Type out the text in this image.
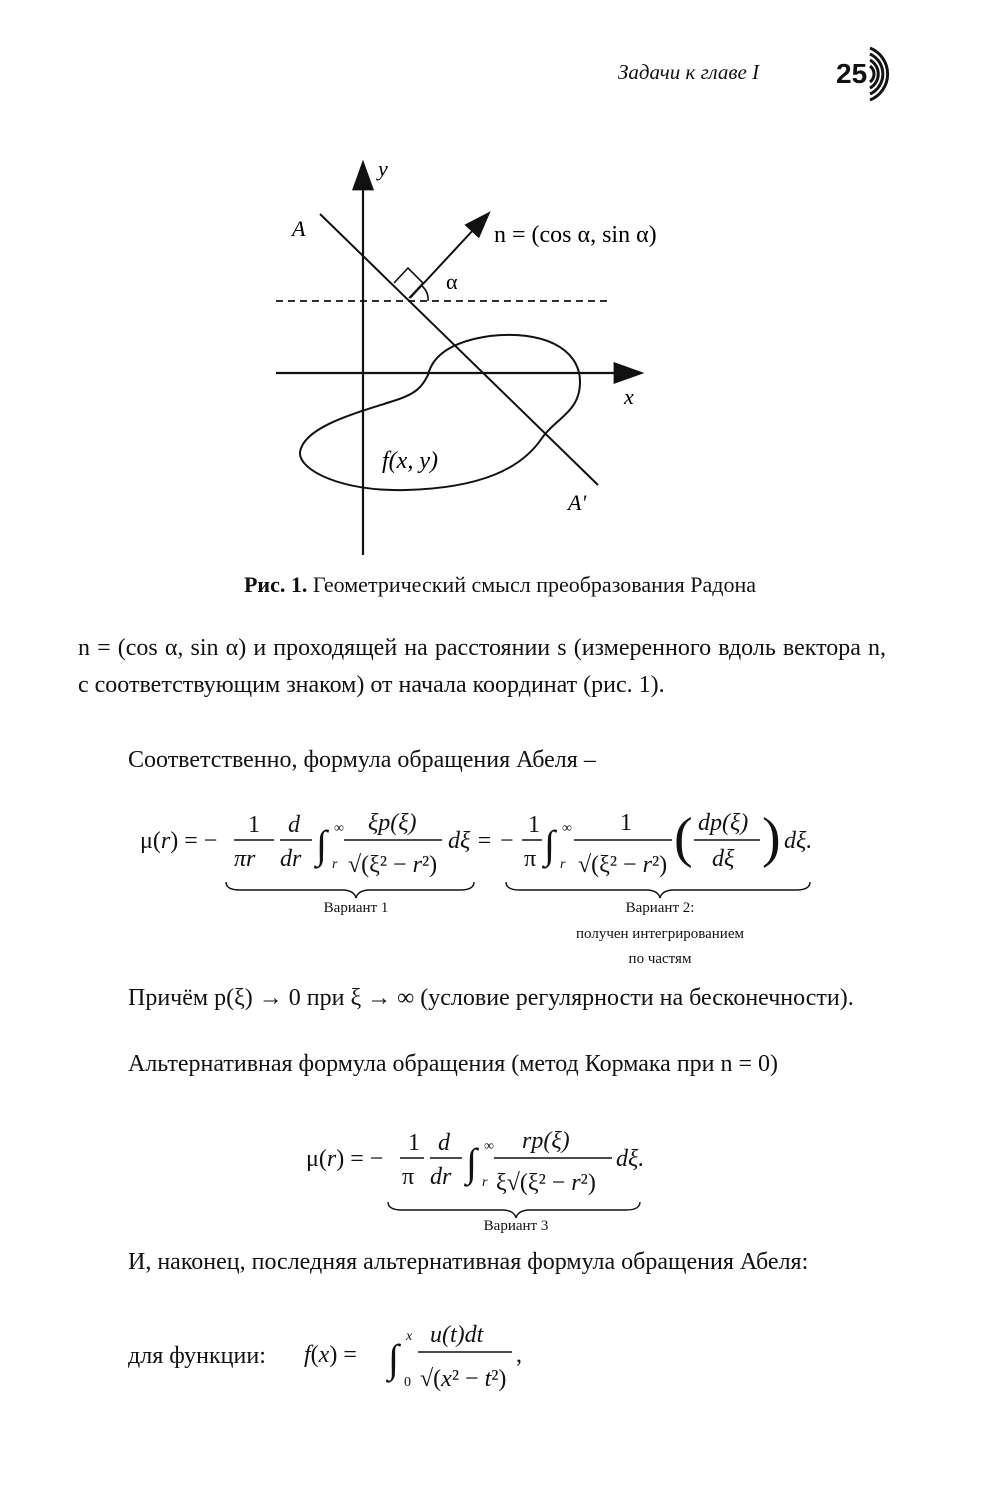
Задачи к главе I	25
y
x
A
A'
n = (cos α, sin α)
α
f(x, y)
Рис. 1. Геометрический смысл преобразования Радона
n = (cos α, sin α) и проходящей на расстоянии s (измеренного вдоль вектора n, с соответствующим знаком) от начала координат (рис. 1).
Соответственно, формула обращения Абеля –
μ(r) = −
1
πr
d
dr ∫ ∞
r
ξp(ξ)
√(ξ² − r²)
dξ = −
1
π ∫ ∞
r
1
√(ξ² − r²) ( dp(ξ)
dξ ) dξ.
Вариант 1	Вариант 2:
получен интегрированием
по частям
Причём p(ξ) → 0 при ξ → ∞ (условие регулярности на бесконечности).
Альтернативная формула обращения (метод Кормака при n = 0)
μ(r) = −
1
π
d
dr ∫ ∞
r
rp(ξ)
ξ√(ξ² − r²)
dξ.
Вариант 3
И, наконец, последняя альтернативная формула обращения Абеля:
для функции:	f(x) = ∫ x
0
u(t)dt
√(x² − t²)
,
